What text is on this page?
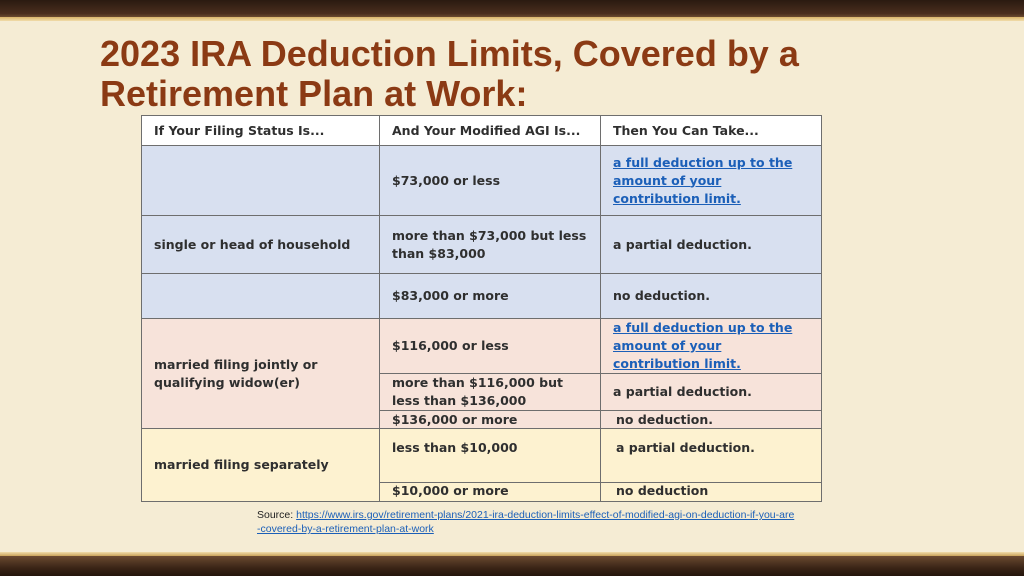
2023 IRA Deduction Limits, Covered by a Retirement Plan at Work:
If Your Filing Status Is...	And Your Modified AGI Is...	Then You Can Take...
	$73,000 or less	a full deduction up to the amount of your contribution limit.
single or head of household	more than $73,000 but less than $83,000	a partial deduction.
	$83,000 or more	no deduction.
married filing jointly or qualifying widow(er)	$116,000 or less	a full deduction up to the amount of your contribution limit.
	more than $116,000 but less than $136,000	a partial deduction.
	$136,000 or more	no deduction.
married filing separately	less than $10,000	a partial deduction.
	$10,000 or more	no deduction
Source: https://www.irs.gov/retirement-plans/2021-ira-deduction-limits-effect-of-modified-agi-on-deduction-if-you-are-covered-by-a-retirement-plan-at-work
